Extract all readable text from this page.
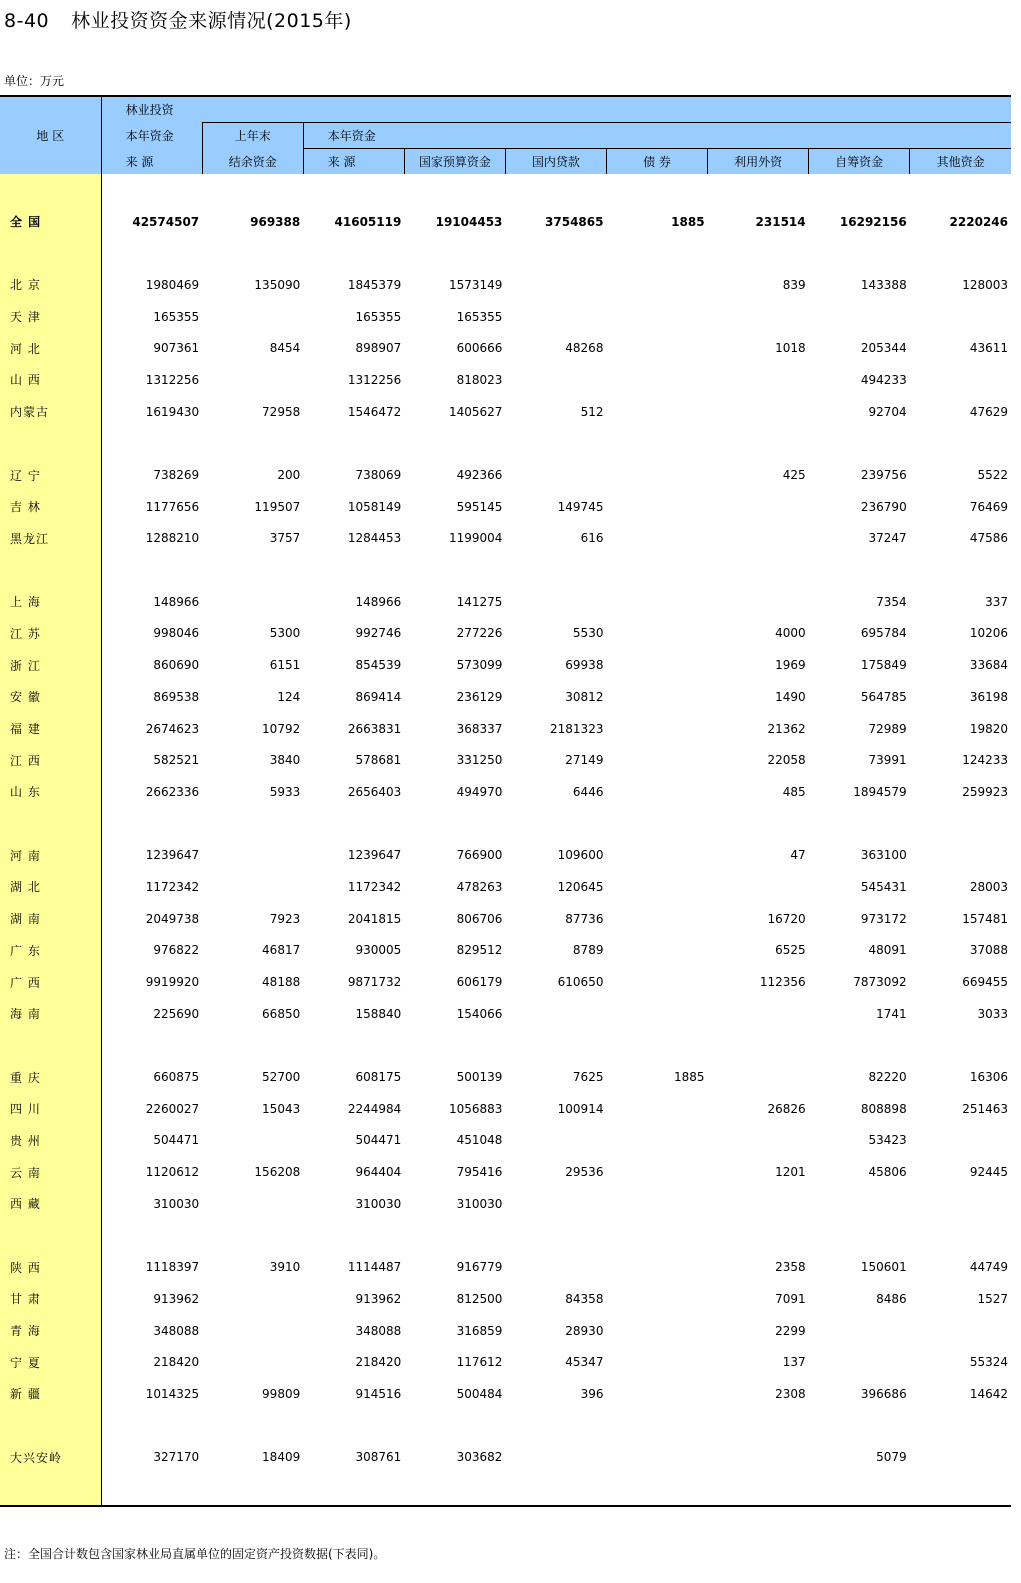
8-40 林业投资资金来源情况(2015年)
单位：万元
地 区	林业投资								
	本年资金	上年末	本年资金						
	来 源	结余资金	来 源	国家预算资金	国内贷款	债 券	利用外资	自筹资金	其他资金

全 国	42574507	969388	41605119	19104453	3754865	1885	231514	16292156	2220246

北 京	1980469	135090	1845379	1573149			839	143388	128003
天 津	165355		165355	165355					
河 北	907361	8454	898907	600666	48268		1018	205344	43611
山 西	1312256		1312256	818023				494233	
内蒙古	1619430	72958	1546472	1405627	512			92704	47629

辽 宁	738269	200	738069	492366			425	239756	5522
吉 林	1177656	119507	1058149	595145	149745			236790	76469
黑龙江	1288210	3757	1284453	1199004	616			37247	47586

上 海	148966		148966	141275				7354	337
江 苏	998046	5300	992746	277226	5530		4000	695784	10206
浙 江	860690	6151	854539	573099	69938		1969	175849	33684
安 徽	869538	124	869414	236129	30812		1490	564785	36198
福 建	2674623	10792	2663831	368337	2181323		21362	72989	19820
江 西	582521	3840	578681	331250	27149		22058	73991	124233
山 东	2662336	5933	2656403	494970	6446		485	1894579	259923

河 南	1239647		1239647	766900	109600		47	363100	
湖 北	1172342		1172342	478263	120645			545431	28003
湖 南	2049738	7923	2041815	806706	87736		16720	973172	157481
广 东	976822	46817	930005	829512	8789		6525	48091	37088
广 西	9919920	48188	9871732	606179	610650		112356	7873092	669455
海 南	225690	66850	158840	154066				1741	3033

重 庆	660875	52700	608175	500139	7625	1885		82220	16306
四 川	2260027	15043	2244984	1056883	100914		26826	808898	251463
贵 州	504471		504471	451048				53423	
云 南	1120612	156208	964404	795416	29536		1201	45806	92445
西 藏	310030		310030	310030					

陕 西	1118397	3910	1114487	916779			2358	150601	44749
甘 肃	913962		913962	812500	84358		7091	8486	1527
青 海	348088		348088	316859	28930		2299		
宁 夏	218420		218420	117612	45347		137		55324
新 疆	1014325	99809	914516	500484	396		2308	396686	14642

大兴安岭	327170	18409	308761	303682				5079	

注：全国合计数包含国家林业局直属单位的固定资产投资数据(下表同)。
